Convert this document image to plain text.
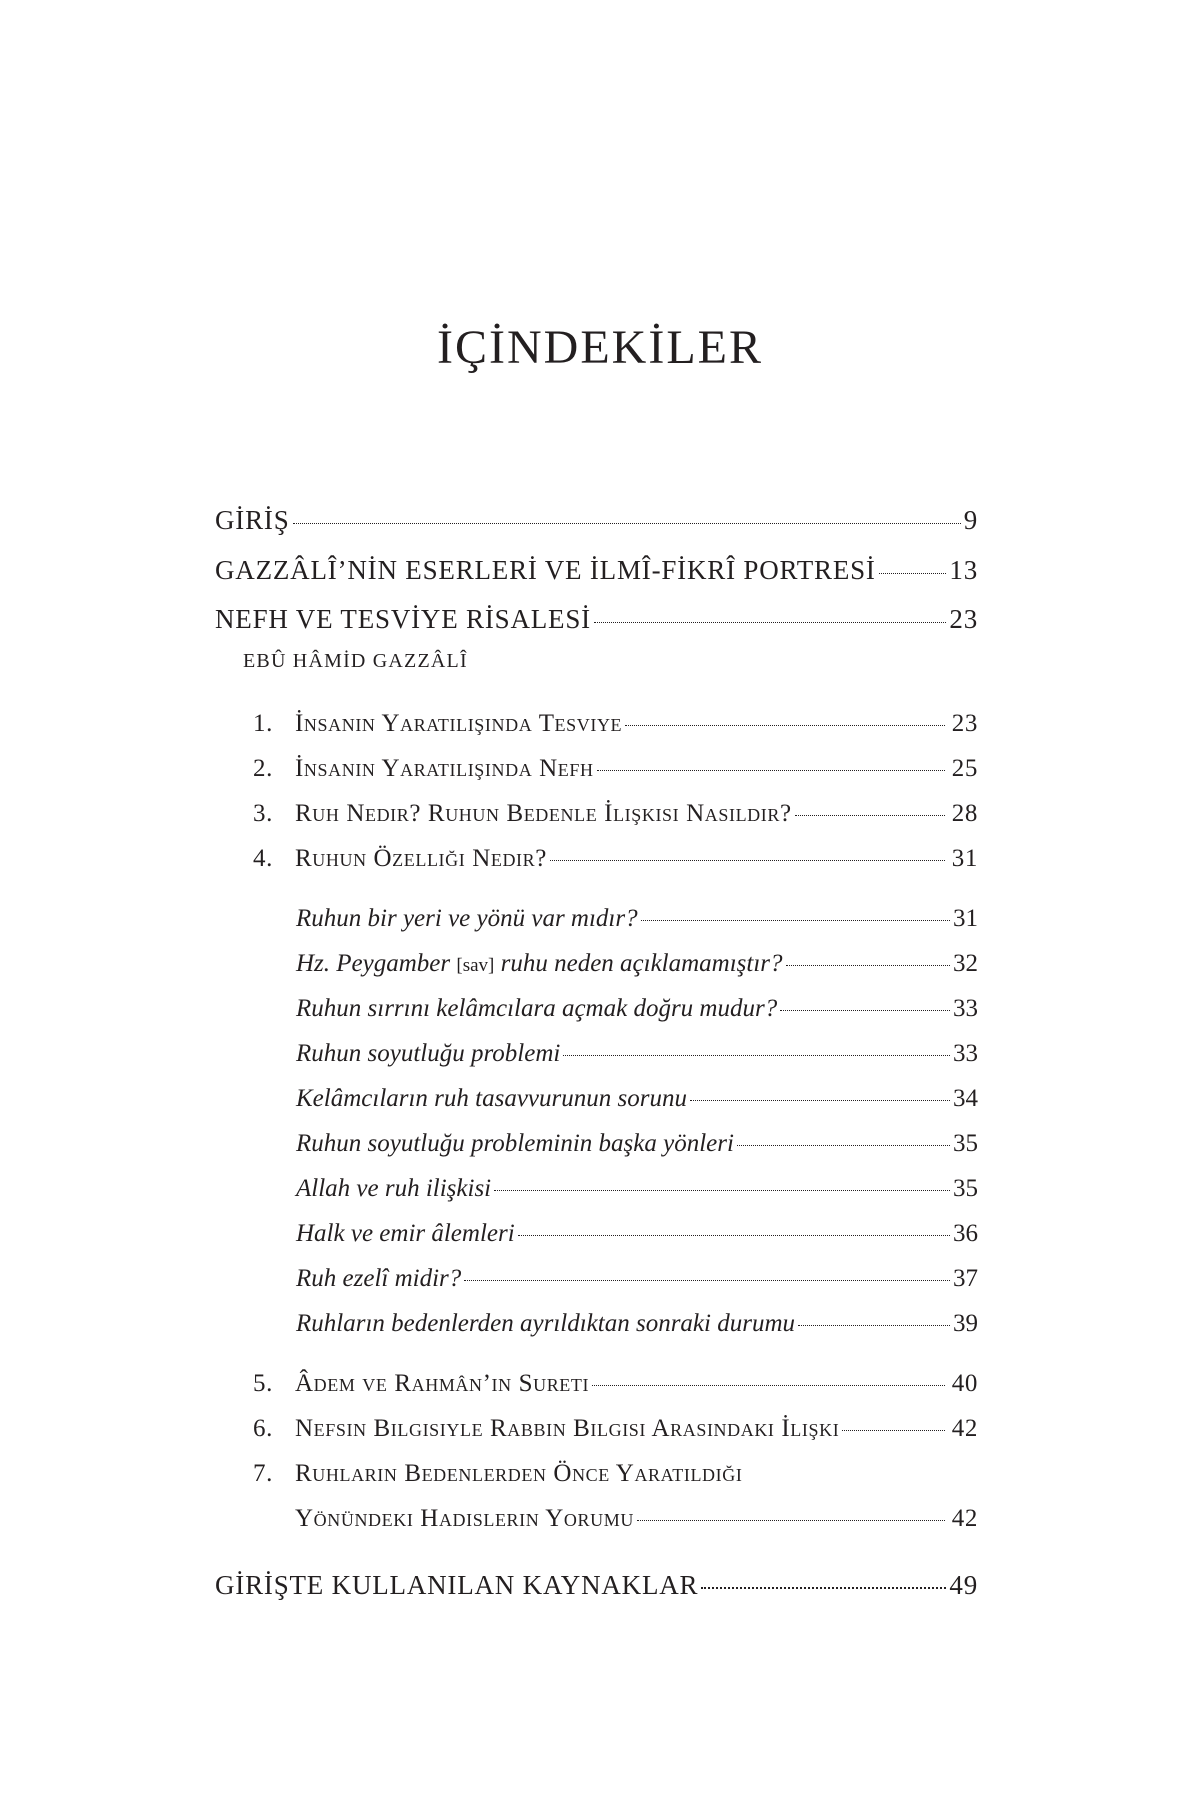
İÇİNDEKİLER
GİRİŞ	9
GAZZÂLÎ’NİN ESERLERİ VE İLMÎ-FİKRÎ PORTRESİ	13
NEFH VE TESVİYE RİSALESİ	23
EBÛ HÂMİD GAZZÂLÎ
1. İnsanın Yaratılışında Tesviye	23
2. İnsanın Yaratılışında Nefh	25
3. Ruh Nedir? Ruhun Bedenle İlişkisi Nasıldır?	28
4. Ruhun Özelliği Nedir?	31
Ruhun bir yeri ve yönü var mıdır?	31
Hz. Peygamber [sav] ruhu neden açıklamamıştır?	32
Ruhun sırrını kelâmcılara açmak doğru mudur?	33
Ruhun soyutluğu problemi	33
Kelâmcıların ruh tasavvurunun sorunu	34
Ruhun soyutluğu probleminin başka yönleri	35
Allah ve ruh ilişkisi	35
Halk ve emir âlemleri	36
Ruh ezelî midir?	37
Ruhların bedenlerden ayrıldıktan sonraki durumu	39
5. Âdem ve Rahmân’ın Sureti	40
6. Nefsin Bilgisiyle Rabbin Bilgisi Arasındaki İlişki	42
7. Ruhların Bedenlerden Önce Yaratıldığı
Yönündeki Hadislerin Yorumu	42
GİRİŞTE KULLANILAN KAYNAKLAR	49
